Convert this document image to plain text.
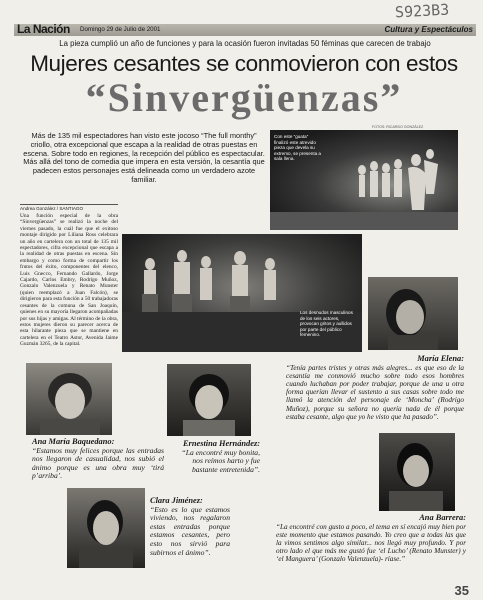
S923B3
La Nación Domingo 29 de Julio de 2001	Cultura y Espectáculos
La pieza cumplió un año de funciones y para la ocasión fueron invitadas 50 féminas que carecen de trabajo
Mujeres cesantes se conmovieron con estos
“Sinvergüenzas”
Más de 135 mil espectadores han visto este jocoso “The full monthy” criollo, otra excepcional que escapa a la realidad de otras puestas en escena. Sobre todo en regiones, la recepción del público es espectacular. Más allá del tono de comedia que impera en esta versión, la cesantía que padecen estos personajes está delineada como un verdadero azote familiar.
FOTOS: RICARDO GONZÁLEZ
Con este “guata” finalizó este atrevido pieza que devela su extremo, se presenta a sala llena.
Andrea González / SANTIAGO
Una función especial de la obra “Sinvergüenzas” se realizó la noche del viernes pasado, la cuál fue que el exitoso montaje dirigido por Liliana Ross celebrara un año en cartelera con un total de 135 mil espectadores, cifra excepcional que escapa a la realidad de otras puestas en escena. Sin embargo y como forma de compartir los frutos del éxito, componentes del elenco, Luis Gnecco, Fernando Gallardo, Jorge Cajardo, Carlos Embry, Rodrigo Muñoz, Gonzalo Valenzuela y Renato Munster (quien reemplazó a Juan Falcón), se dirigieron para esta función a 50 trabajadoras cesantes de la comuna de San Joaquín, quienes en su mayoría llegaron acompañadas por sus hijas y amigas. Al término de la obra, estos mujeres dieron su parecer acerca de esta hilarante pieza que se mantiene en cartelera en el Teatro Astor, Avenida Jaime Guzmán 3265, de la capital.
Los desnudos masculinos de los seis actores, provocan gritos y aullidos por parte del público femenino.
María Elena:
“Tenía partes tristes y otras más alegres... es que eso de la cesantía me conmovió mucho sobre todo esos hombres cuando luchaban por poder trabajar, porque de una u otra forma querían llevar el sustento a sus casas sobre todo me llamó la atención del personaje de ‘Moncha’ (Rodrigo Muñoz), porque su señora no quería nada de él porque estaba cesante, algo que yo he visto que ha pasado”.
Ana María Baquedano:
“Estamos muy felices porque las entradas nos llegaron de casualidad, nos subió el ánimo porque es una obra muy ‘tirá p’arriba’.
Ernestina Hernández:
“La encontré muy bonita, nos reímos harto y fue bastante entretenida”.
Clara Jiménez:
“Esto es lo que estamos viviendo, nos regalaron estas entradas porque estamos cesantes, pero esto nos sirvió para subirnos el ánimo”.
Ana Barrera:
“La encontré con gusto a poco, el tema en sí encajó muy bien por este momento que estamos pasando. Yo creo que a todas las que la vimos sentimos algo similar... nos llegó muy profundo. Y por otro lado el que más me gustó fue ‘el Lucho’ (Renato Munster) y ‘el Manguera’ (Gonzalo Valenzuela)- ríase.”
35
